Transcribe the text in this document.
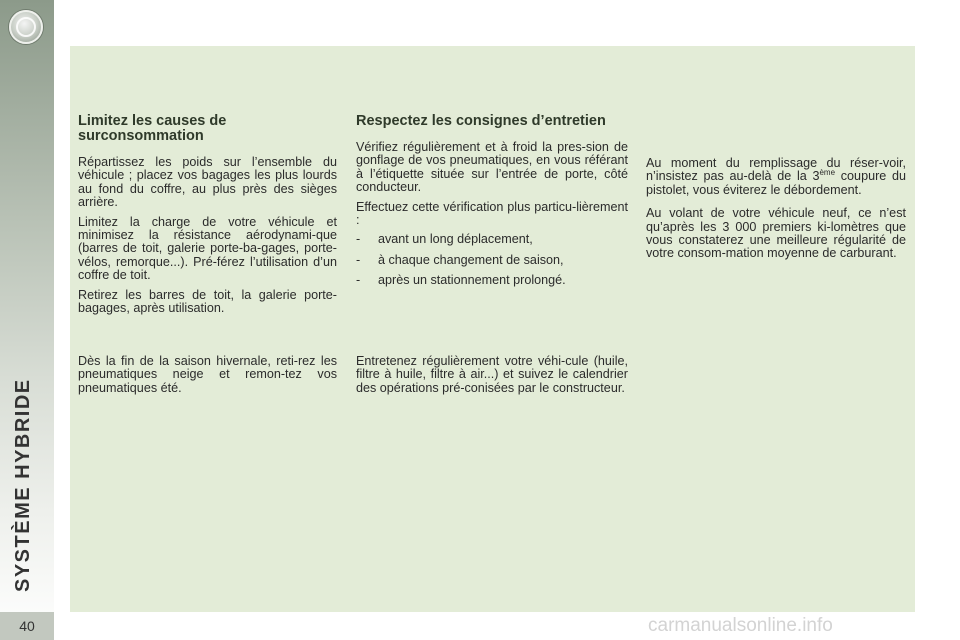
SYSTÈME HYBRIDE
40
Limitez les causes de surconsommation

Répartissez les poids sur l’ensemble du véhicule ; placez vos bagages les plus lourds au fond du coffre, au plus près des sièges arrière.

Limitez la charge de votre véhicule et minimisez la résistance aérodynami-que (barres de toit, galerie porte-ba-gages, porte-vélos, remorque...). Pré-férez l’utilisation d’un coffre de toit.

Retirez les barres de toit, la galerie porte-bagages, après utilisation.

Dès la fin de la saison hivernale, reti-rez les pneumatiques neige et remon-tez vos pneumatiques été.

Respectez les consignes d’entretien

Vérifiez régulièrement et à froid la pres-sion de gonflage de vos pneumatiques, en vous référant à l’étiquette située sur l’entrée de porte, côté conducteur.

Effectuez cette vérification plus particu-lièrement :

-	avant un long déplacement,
-	à chaque changement de saison,
-	après un stationnement prolongé.

Entretenez régulièrement votre véhi-cule (huile, filtre à huile, filtre à air...) et suivez le calendrier des opérations pré-conisées par le constructeur.

Au moment du remplissage du réser-voir, n’insistez pas au-delà de la 3ème coupure du pistolet, vous éviterez le débordement.

Au volant de votre véhicule neuf, ce n’est qu’après les 3 000 premiers ki-lomètres que vous constaterez une meilleure régularité de votre consom-mation moyenne de carburant.

carmanualsonline.info
